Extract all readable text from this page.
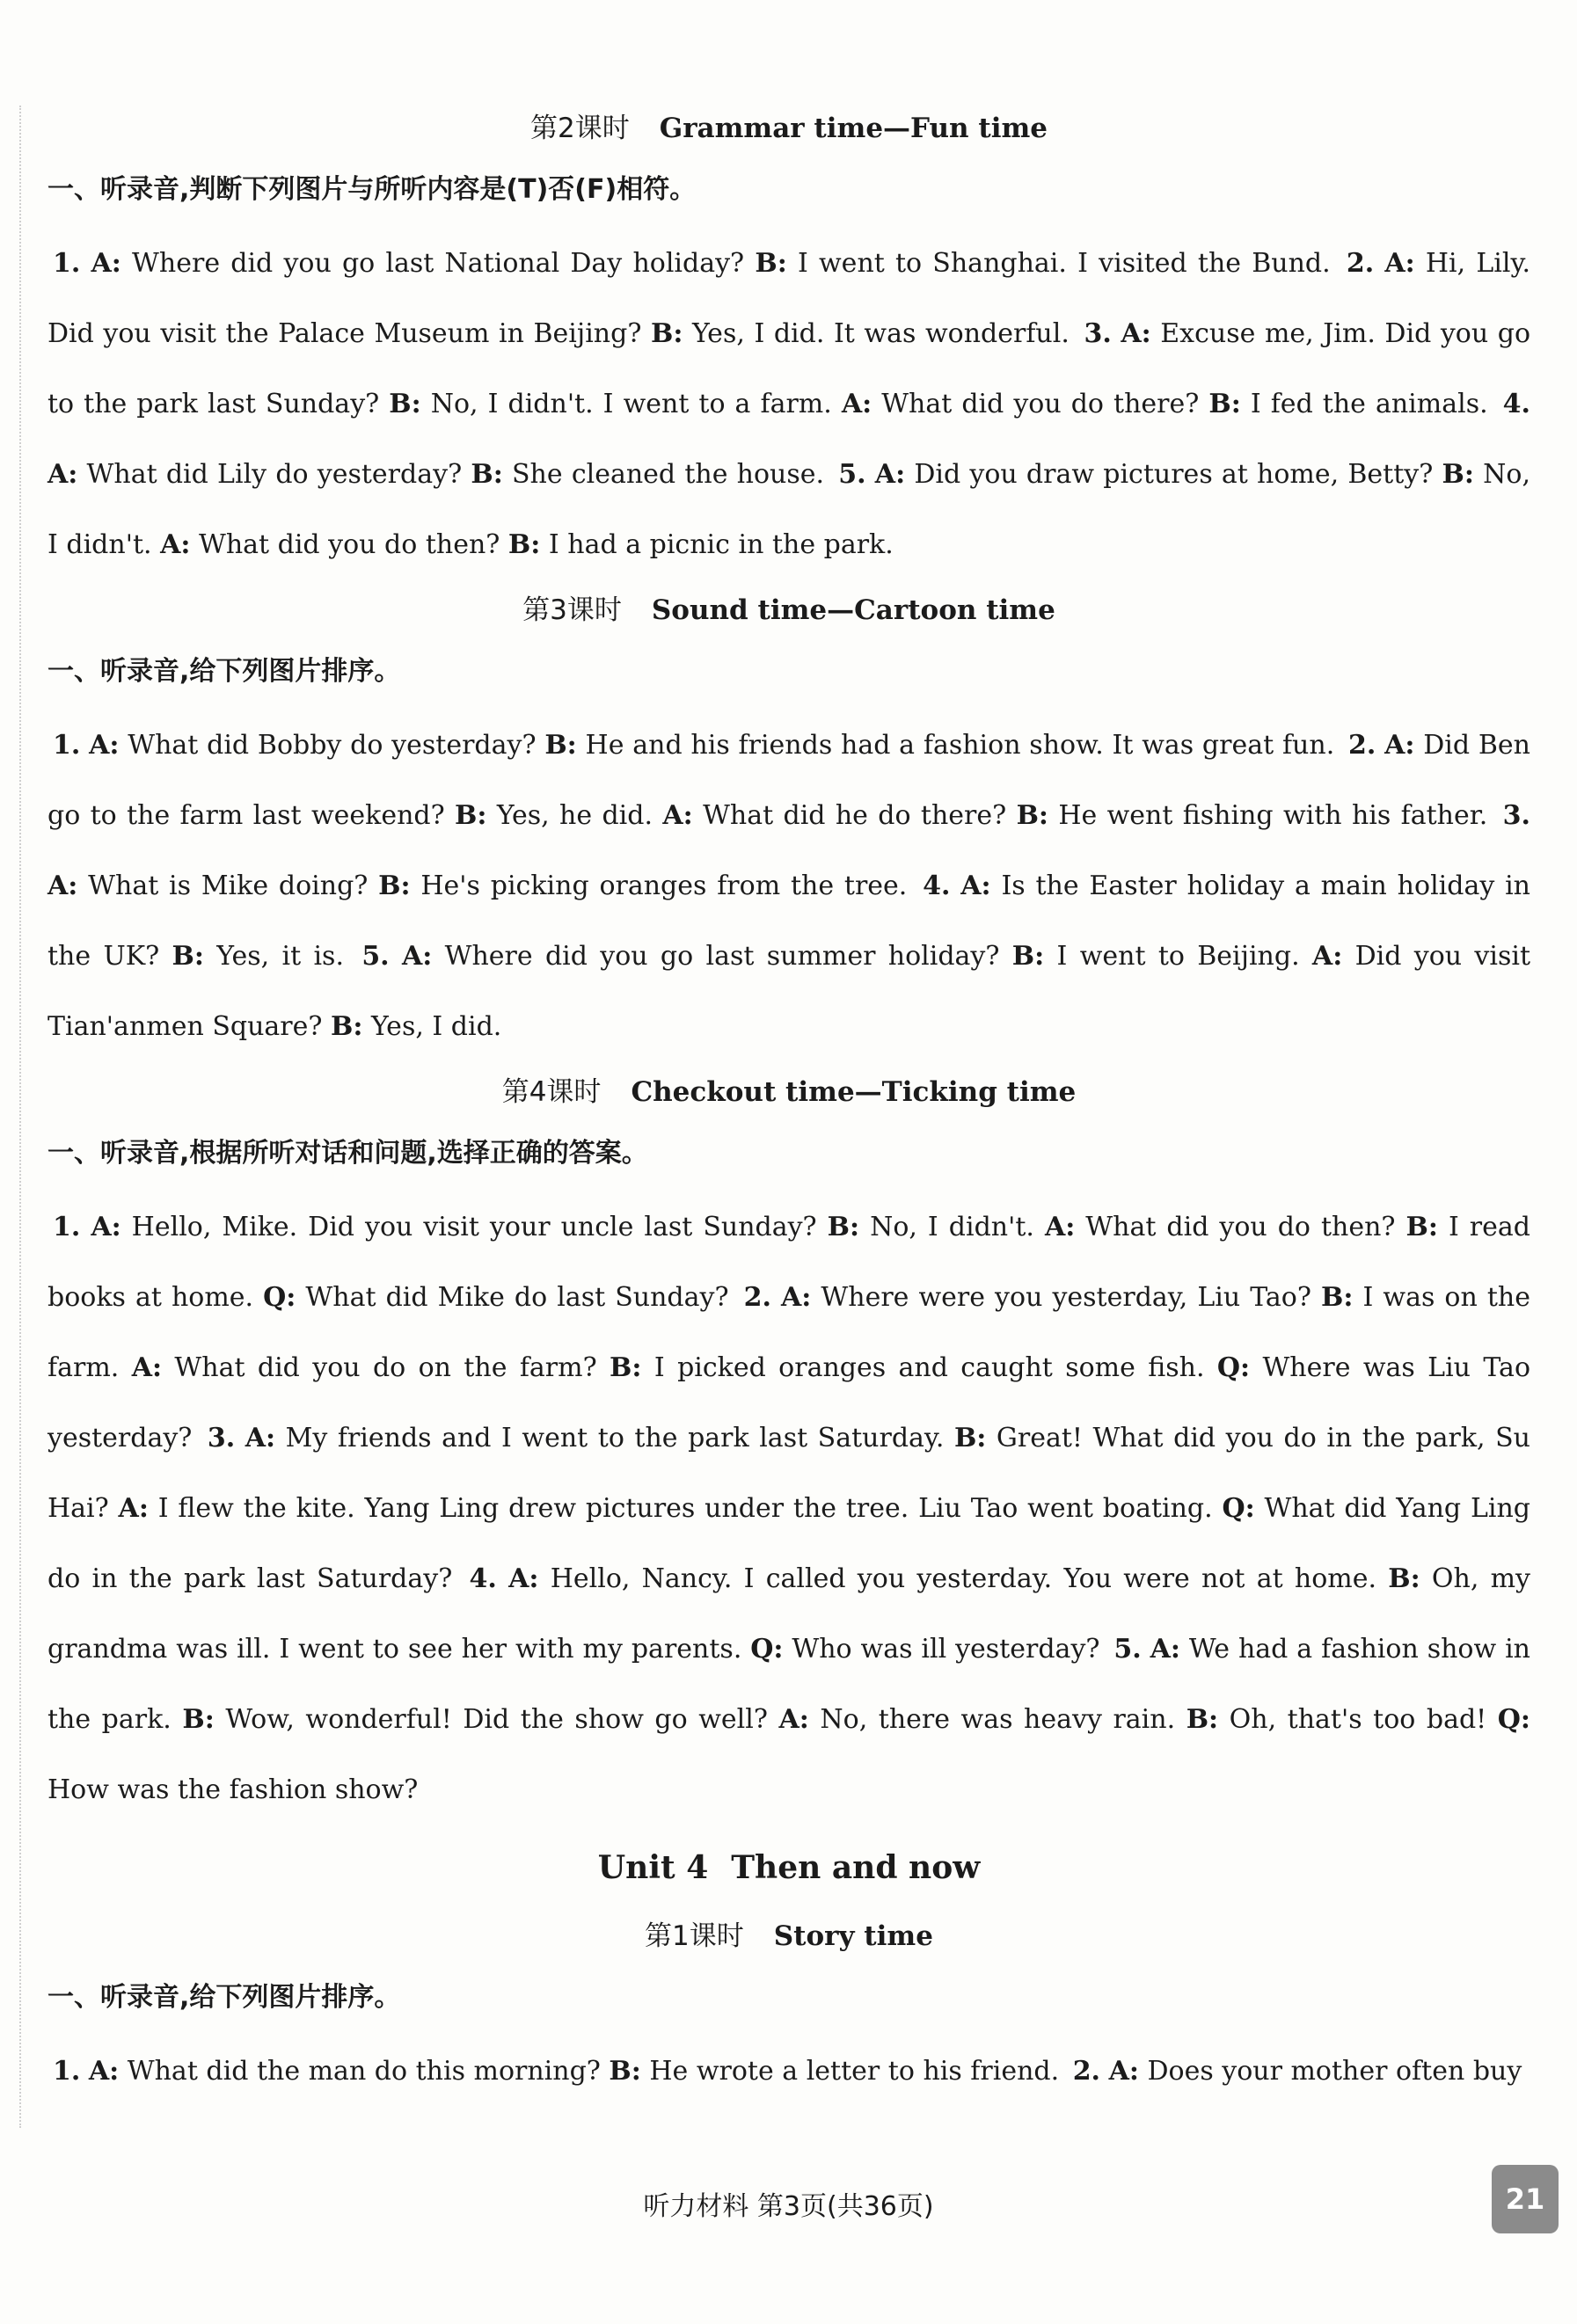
第2课时 Grammar time—Fun time
一、听录音,判断下列图片与所听内容是(T)否(F)相符。
1. A: Where did you go last National Day holiday? B: I went to Shanghai. I visited the Bund. 2. A: Hi, Lily. Did you visit the Palace Museum in Beijing? B: Yes, I did. It was wonderful. 3. A: Excuse me, Jim. Did you go to the park last Sunday? B: No, I didn't. I went to a farm. A: What did you do there? B: I fed the animals. 4. A: What did Lily do yesterday? B: She cleaned the house. 5. A: Did you draw pictures at home, Betty? B: No, I didn't. A: What did you do then? B: I had a picnic in the park.
第3课时 Sound time—Cartoon time
一、听录音,给下列图片排序。
1. A: What did Bobby do yesterday? B: He and his friends had a fashion show. It was great fun. 2. A: Did Ben go to the farm last weekend? B: Yes, he did. A: What did he do there? B: He went fishing with his father. 3. A: What is Mike doing? B: He's picking oranges from the tree. 4. A: Is the Easter holiday a main holiday in the UK? B: Yes, it is. 5. A: Where did you go last summer holiday? B: I went to Beijing. A: Did you visit Tian'anmen Square? B: Yes, I did.
第4课时 Checkout time—Ticking time
一、听录音,根据所听对话和问题,选择正确的答案。
1. A: Hello, Mike. Did you visit your uncle last Sunday? B: No, I didn't. A: What did you do then? B: I read books at home. Q: What did Mike do last Sunday? 2. A: Where were you yesterday, Liu Tao? B: I was on the farm. A: What did you do on the farm? B: I picked oranges and caught some fish. Q: Where was Liu Tao yesterday? 3. A: My friends and I went to the park last Saturday. B: Great! What did you do in the park, Su Hai? A: I flew the kite. Yang Ling drew pictures under the tree. Liu Tao went boating. Q: What did Yang Ling do in the park last Saturday? 4. A: Hello, Nancy. I called you yesterday. You were not at home. B: Oh, my grandma was ill. I went to see her with my parents. Q: Who was ill yesterday? 5. A: We had a fashion show in the park. B: Wow, wonderful! Did the show go well? A: No, there was heavy rain. B: Oh, that's too bad! Q: How was the fashion show?
Unit 4 Then and now
第1课时 Story time
一、听录音,给下列图片排序。
1. A: What did the man do this morning? B: He wrote a letter to his friend. 2. A: Does your mother often buy
听力材料 第3页(共36页)	21
